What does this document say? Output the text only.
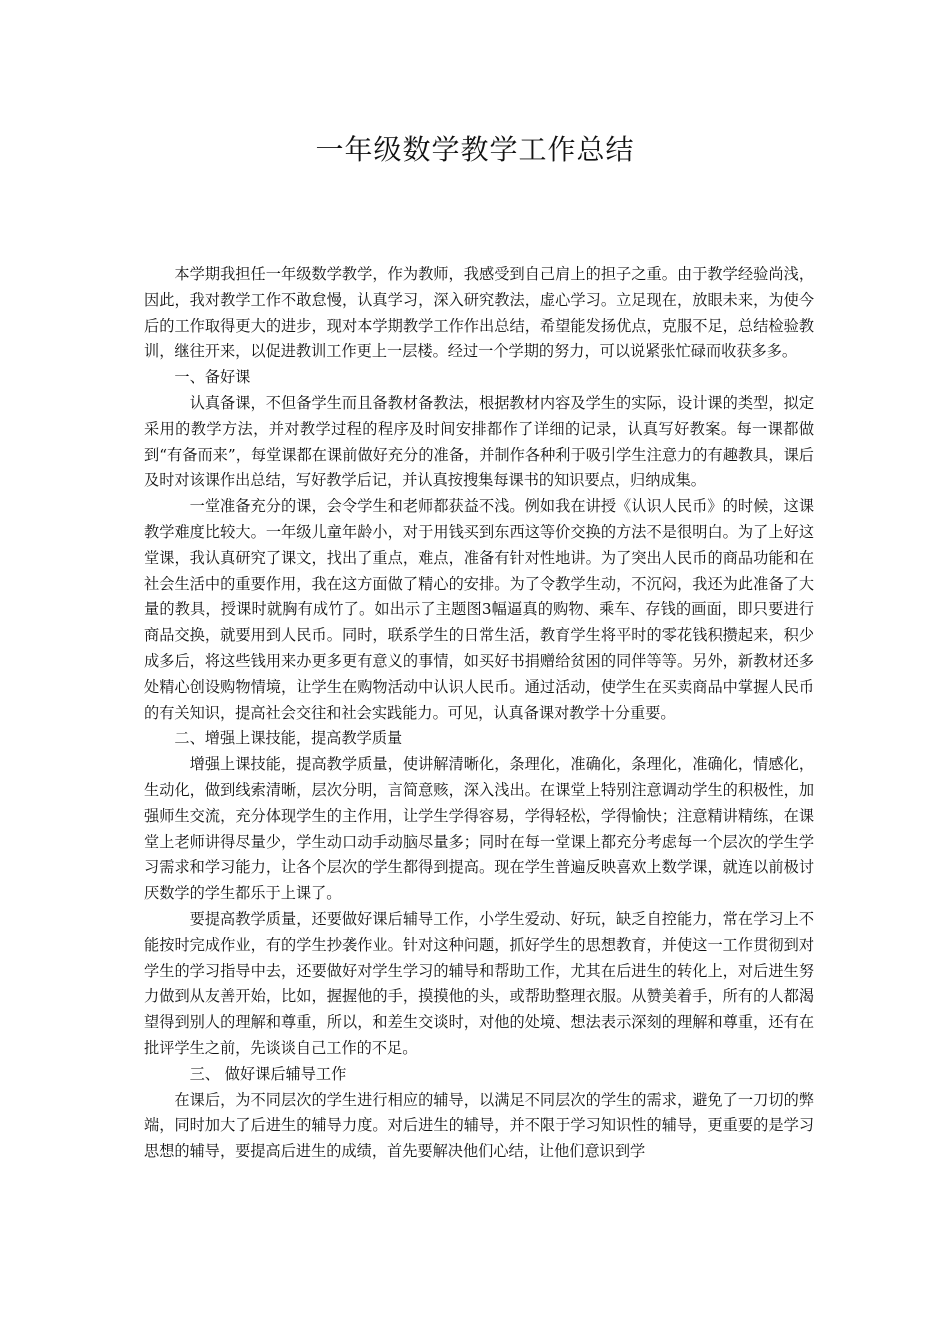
一年级数学教学工作总结

本学期我担任一年级数学教学，作为教师，我感受到自己肩上的担子之重。由于教学经验尚浅，因此，我对教学工作不敢怠慢，认真学习，深入研究教法，虚心学习。立足现在，放眼未来，为使今后的工作取得更大的进步，现对本学期教学工作作出总结，希望能发扬优点，克服不足，总结检验教训，继往开来，以促进教训工作更上一层楼。经过一个学期的努力，可以说紧张忙碌而收获多多。

一、备好课

认真备课，不但备学生而且备教材备教法，根据教材内容及学生的实际，设计课的类型，拟定采用的教学方法，并对教学过程的程序及时间安排都作了详细的记录，认真写好教案。每一课都做到“有备而来”，每堂课都在课前做好充分的准备，并制作各种利于吸引学生注意力的有趣教具，课后及时对该课作出总结，写好教学后记，并认真按搜集每课书的知识要点，归纳成集。

一堂准备充分的课，会令学生和老师都获益不浅。例如我在讲授《认识人民币》的时候，这课教学难度比较大。一年级儿童年龄小，对于用钱买到东西这等价交换的方法不是很明白。为了上好这堂课，我认真研究了课文，找出了重点，难点，准备有针对性地讲。为了突出人民币的商品功能和在社会生活中的重要作用，我在这方面做了精心的安排。为了令教学生动，不沉闷，我还为此准备了大量的教具，授课时就胸有成竹了。如出示了主题图3幅逼真的购物、乘车、存钱的画面，即只要进行商品交换，就要用到人民币。同时，联系学生的日常生活，教育学生将平时的零花钱积攒起来，积少成多后，将这些钱用来办更多更有意义的事情，如买好书捐赠给贫困的同伴等等。另外，新教材还多处精心创设购物情境，让学生在购物活动中认识人民币。通过活动，使学生在买卖商品中掌握人民币的有关知识，提高社会交往和社会实践能力。可见，认真备课对教学十分重要。

二、增强上课技能，提高教学质量

增强上课技能，提高教学质量，使讲解清晰化，条理化，准确化，条理化，准确化，情感化，生动化，做到线索清晰，层次分明，言简意赅，深入浅出。在课堂上特别注意调动学生的积极性，加强师生交流，充分体现学生的主作用，让学生学得容易，学得轻松，学得愉快；注意精讲精练，在课堂上老师讲得尽量少，学生动口动手动脑尽量多；同时在每一堂课上都充分考虑每一个层次的学生学习需求和学习能力，让各个层次的学生都得到提高。现在学生普遍反映喜欢上数学课，就连以前极讨厌数学的学生都乐于上课了。

要提高教学质量，还要做好课后辅导工作，小学生爱动、好玩，缺乏自控能力，常在学习上不能按时完成作业，有的学生抄袭作业。针对这种问题，抓好学生的思想教育，并使这一工作贯彻到对学生的学习指导中去，还要做好对学生学习的辅导和帮助工作，尤其在后进生的转化上，对后进生努力做到从友善开始，比如，握握他的手，摸摸他的头，或帮助整理衣服。从赞美着手，所有的人都渴望得到别人的理解和尊重，所以，和差生交谈时，对他的处境、想法表示深刻的理解和尊重，还有在批评学生之前，先谈谈自己工作的不足。

三、 做好课后辅导工作

在课后，为不同层次的学生进行相应的辅导，以满足不同层次的学生的需求，避免了一刀切的弊端，同时加大了后进生的辅导力度。对后进生的辅导，并不限于学习知识性的辅导，更重要的是学习思想的辅导，要提高后进生的成绩，首先要解决他们心结，让他们意识到学
